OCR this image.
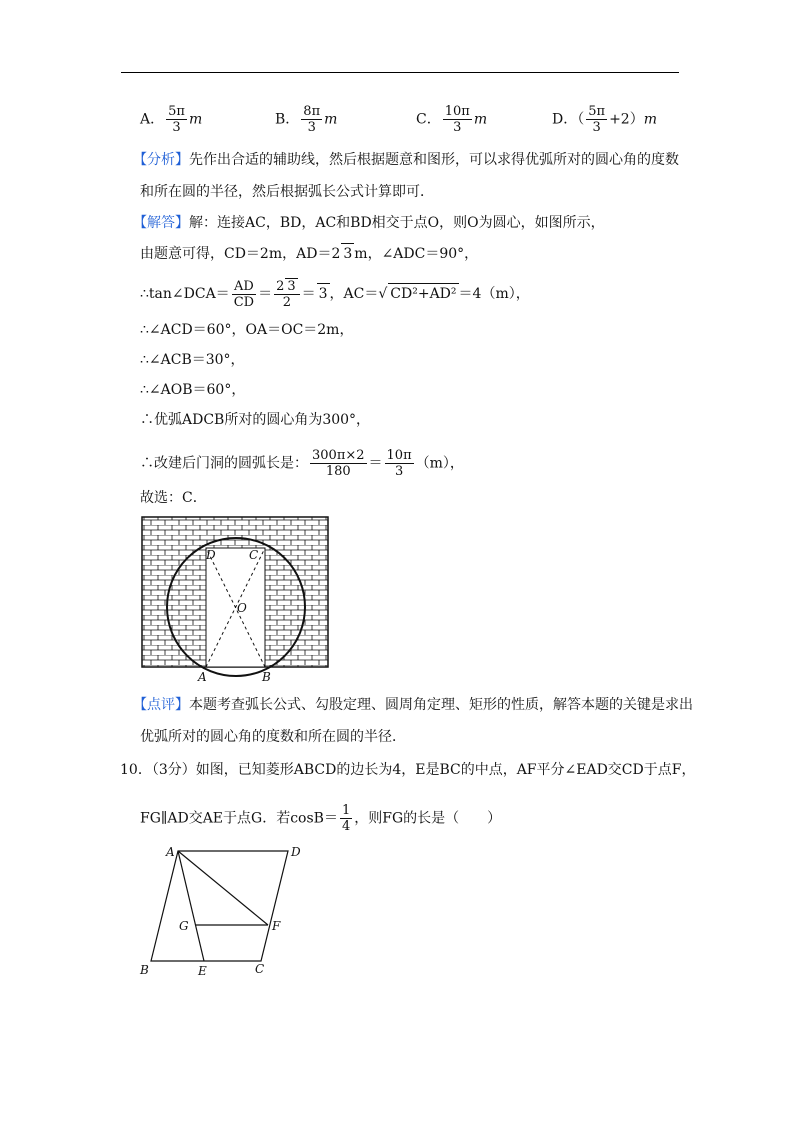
A． $\frac{5\pi}{3}$ m	B． $\frac{8\pi}{3}$ m	C． $\frac{10\pi}{3}$ m	D．（ $\frac{5\pi}{3} +2)m$
【分析】先作出合适的辅助线，然后根据题意和图形，可以求得优弧所对的圆心角的度数
和所在圆的半径，然后根据弧长公式计算即可．
【解答】解：连接AC，BD，AC和BD相交于点O，则O为圆心，如图所示，
由题意可得，CD＝2m，AD＝2 3 m，∠ADC＝90°，
∴tan∠DCA＝ $\frac{AD}{CD} = \frac{2 3}{2} = 3$ ，AC＝√ CD²+AD² ＝4（m），
∴∠ACD＝60°，OA＝OC＝2m，
∴∠ACB＝30°，
∴∠AOB＝60°，
∴优弧ADCB所对的圆心角为300°，
∴改建后门洞的圆弧长是： $\frac{300\pi\times 2}{180} = \frac{10\pi}{3} (m)$，
故选：C．
D	C
O
A	B
【点评】本题考查弧长公式、勾股定理、圆周角定理、矩形的性质，解答本题的关键是求出
优弧所对的圆心角的度数和所在圆的半径．
10．（3分）如图，已知菱形ABCD的边长为4，E是BC的中点，AF平分∠EAD交CD于点F，
FG∥AD交AE于点G．若$\cos B= \frac{1}{4}$ ，则FG的长是（　　）
A	D
G	F
B	E	C
